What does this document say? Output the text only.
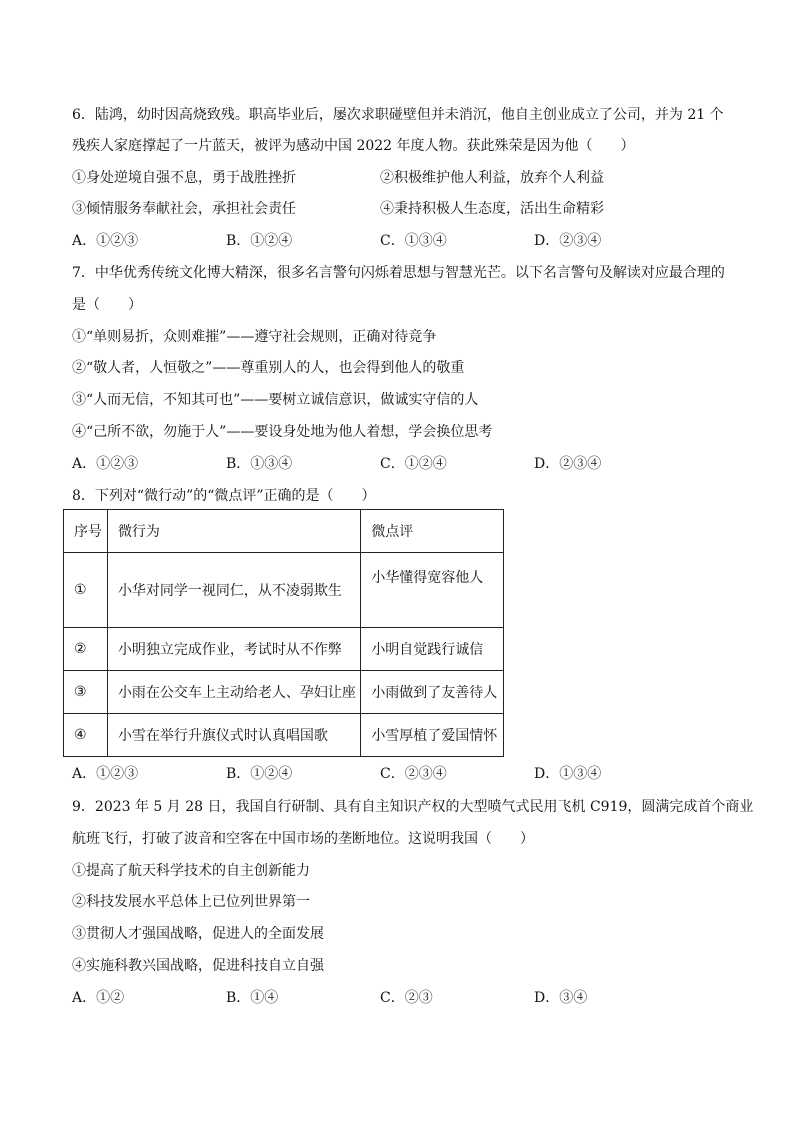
6．陆鸿，幼时因高烧致残。职高毕业后，屡次求职碰壁但并未消沉，他自主创业成立了公司，并为 21 个
残疾人家庭撑起了一片蓝天，被评为感动中国 2022 年度人物。获此殊荣是因为他（　　）
①身处逆境自强不息，勇于战胜挫折	②积极维护他人利益，放弃个人利益
③倾情服务奉献社会，承担社会责任	④秉持积极人生态度，活出生命精彩
A．①②③	B．①②④	C．①③④	D．②③④
7．中华优秀传统文化博大精深，很多名言警句闪烁着思想与智慧光芒。以下名言警句及解读对应最合理的
是（　　）
①“单则易折，众则难摧”——遵守社会规则，正确对待竞争
②“敬人者，人恒敬之”——尊重别人的人，也会得到他人的敬重
③“人而无信，不知其可也”——要树立诚信意识，做诚实守信的人
④“己所不欲，勿施于人”——要设身处地为他人着想，学会换位思考
A．①②③	B．①③④	C．①②④	D．②③④
8．下列对“微行动”的“微点评”正确的是（　　）
序号	微行为	微点评
①	小华对同学一视同仁，从不凌弱欺生	小华懂得宽容他人
②	小明独立完成作业，考试时从不作弊	小明自觉践行诚信
③	小雨在公交车上主动给老人、孕妇让座	小雨做到了友善待人
④	小雪在举行升旗仪式时认真唱国歌	小雪厚植了爱国情怀
A．①②③	B．①②④	C．②③④	D．①③④
9．2023 年 5 月 28 日，我国自行研制、具有自主知识产权的大型喷气式民用飞机 C919，圆满完成首个商业
航班飞行，打破了波音和空客在中国市场的垄断地位。这说明我国（　　）
①提高了航天科学技术的自主创新能力
②科技发展水平总体上已位列世界第一
③贯彻人才强国战略，促进人的全面发展
④实施科教兴国战略，促进科技自立自强
A．①②	B．①④	C．②③	D．③④
